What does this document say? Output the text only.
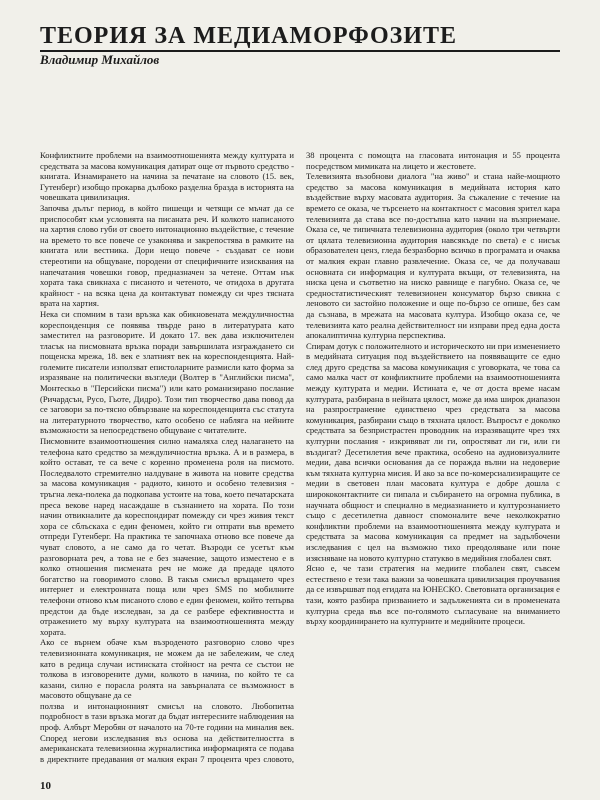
ТЕОРИЯ ЗА МЕДИАМОРФОЗИТЕ
Владимир Михайлов

Конфликтните проблеми на взаимоотношенията между културата и средствата за масова комуникация датират още от първото средство - книгата. Изнамирането на начина за печатане на словото (15. век, Гутенберг) изобщо прокарва дълбоко разделна бразда в историята на човешката цивилизация.

Започва дълъг период, в който пишещи и четящи се мъчат да се приспособят към условията на писаната реч. И колкото написаното на хартия слово губи от своето интонационно въздействие, с течение на времето то все повече се узаконява и закрепостява в рамките на книгата или вестника. Дори нещо повече - създават се нови стереотипи на общуване, породени от специфичните изисквания на напечатания човешки говор, предназначен за четене. Оттам нък хората така свикнаха с писаното и четеното, че отидоха в другата крайност - на всяка цена да контактуват помежду си чрез тясната врата на хартия.

Нека си спомним в тази връзка как обикновената междуличностна кореспонденция се появява твърде рано в литературата като заместител на разговорите. И докато 17. век дава изключителен тласък на писмовната връзка поради завършилата изграждането си пощенска мрежа, 18. век е златният век на кореспонденцията. Най-големите писатели използват епистоларните размисли като форма за изразяване на политически възгледи (Волтер в "Английски писма", Монтескьо в "Персийски писма") или като романизирано послание (Ричардсън, Русо, Гьоте, Дидро). Този тип творчество дава повод да се заговори за по-тясно обвързване на кореспонденцията със статута на литературното творчество, като особено се набляга на нейните възможности за непосредствено общуване с читателите.

Писмовните взаимоотношения силно намаляха след налагането на телефона като средство за междуличностна връзка. А и в размера, в който остават, те са вече с коренно променена роля на писмото. Последвалото стремително налдуване в живота на новите средства за масова комуникация - радиото, киното и особено телевизия - тръгна лека-полека да подкопава устоите на това, което печатарската преса векове наред насаждаше в съзнанието на хората. По този начин отвикналите да кореспондират помежду си чрез живия текст хора се сблъскаха с един феномен, който ги отпрати във времето отпреди Гутенберг. На практика те започнаха отново все повече да чуват словото, а не само да го четат. Възроди се усетът към разговорната реч, а това не е без значение, защото изместено е в колко отношения писмената реч не може да предаде цялото богатство на говоримото слово. В такъв смисъл връщането чрез интернет и електронната поща или чрез SMS по мобилните телефони отново към писаното слово е един феномен, който тепърва предстои да бъде изследван, за да се разбере ефективността и отражението му върху културата на взаимоотношенията между хората.

Ако се върнем обаче към възроденото разговорно слово чрез телевизионната комуникация, не можем да не забележим, че след като в редица случаи истинската стойност на речта се състои не толкова в изговорените думи, колкото в начина, по който те са казани, силно е порасла ролята на завърналата се възможност в масовото общуване да се

ползва и интонационният смисъл на словото. Любопитна подробност в тази връзка могат да бъдат интересните наблюдения на проф. Албърт Меробян от началото на 70-те години на миналия век. Според негови изследвания въз основа на действителността в американската телевизионна журналистика информацията се подава в директните предавания от малкия екран 7 процента чрез словото, 38 процента с помощта на гласовата интонация и 55 процента посредством мимиката на лицето и жестовете.

Телевизията възобнови диалога "на живо" и стана найе-мощното средство за масова комуникация в медийната история като въздействие върху масовата аудитория. За съжаление с течение на времето се оказа, че търсенето на контактност с масовия зрител кара телевизията да става все по-достъпна като начин на възприемане. Оказа се, че типичната телевизионна аудитория (около три четвърти от цялата телевизионна аудитория навсякъде по света) е с нисък образователен ценз, гледа безразборно всичко в програмата и очаква от малкия екран главно развлечение. Оказа се, че да получаваш основната си информация и културата вкъщи, от телевизията, на ниска цена и съответно на ниско равнище е пагубно. Оказа се, че средностатистическият телевизионен консуматор бързо свикна с леновото си застойно положение и още по-бързо се опише, без сам да съзнава, в мрежата на масовата култура. Изобщо оказа се, че телевизията като реална действителност ни изправи пред една доста апокалиптична културна перспектива.

Спирам дотук с положителното и историческото ни при изменението в медийната ситуация под въздействието на появяващите се едно след друго средства за масова комуникация с уговорката, че това са само малка част от конфликтните проблеми на взаимоотношенията между културата и медии. Истината е, че от доста време насам културата, разбирана в нейната цялост, може да има широк диапазон на разпространение единствено чрез средствата за масова комуникация, разбирани също в тяхната цялост. Въпросът е доколко средствата за безпристрастен проводник на изразяващите чрез тях културни послания - изкривяват ли ги, опростяват ли ги, или ги въздигат? Десетилетия вече практика, особено на аудиовизуалните медии, дава всички основания да се поражда вълни на недоверие към тяхната културна мисия. И ако за все по-комерсиализиращите се медии в световен план масовата култура е добре дошла с ширококонтактните си пипала и събирането на огромна публика, в научната общност и специално в медиазнанието и културознанието също с десетилетна давност спомоналите вече неколкократно конфликтни проблеми на взаимоотношенията между културата и средствата за масова комуникация са предмет на задълбочени изследвания с цел на възможно тихо преодоляване или поне изясняване на новото културно статукво в медийния глобален свят.

Ясно е, че тази стратегия на медиите глобален свят, съвсем естествено е тези така важни за човешката цивилизация проучвания да се извършват под егидата на ЮНЕСКО. Световната организация е тази, която разбира призванието и задълженията си в променената културна среда във все по-голямото съгласуване на вниманието върху координирането на културните и медийните процеси.

10
